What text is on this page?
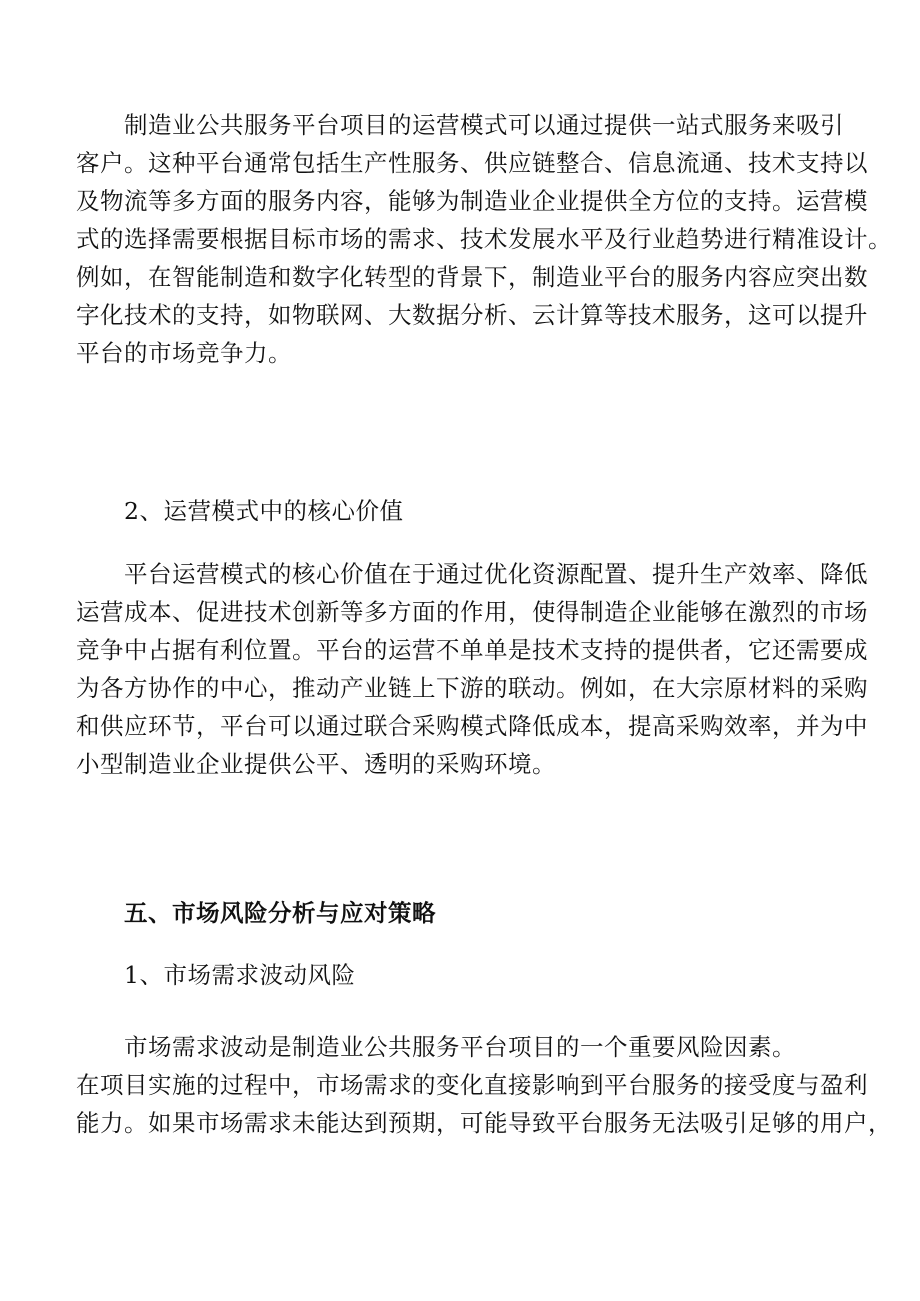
制造业公共服务平台项目的运营模式可以通过提供一站式服务来吸引
客户。这种平台通常包括生产性服务、供应链整合、信息流通、技术支持以
及物流等多方面的服务内容，能够为制造业企业提供全方位的支持。运营模
式的选择需要根据目标市场的需求、技术发展水平及行业趋势进行精准设计。
例如，在智能制造和数字化转型的背景下，制造业平台的服务内容应突出数
字化技术的支持，如物联网、大数据分析、云计算等技术服务，这可以提升
平台的市场竞争力。
2、运营模式中的核心价值
平台运营模式的核心价值在于通过优化资源配置、提升生产效率、降低
运营成本、促进技术创新等多方面的作用，使得制造企业能够在激烈的市场
竞争中占据有利位置。平台的运营不单单是技术支持的提供者，它还需要成
为各方协作的中心，推动产业链上下游的联动。例如，在大宗原材料的采购
和供应环节，平台可以通过联合采购模式降低成本，提高采购效率，并为中
小型制造业企业提供公平、透明的采购环境。
五、市场风险分析与应对策略
1、市场需求波动风险
市场需求波动是制造业公共服务平台项目的一个重要风险因素。
在项目实施的过程中，市场需求的变化直接影响到平台服务的接受度与盈利
能力。如果市场需求未能达到预期，可能导致平台服务无法吸引足够的用户，
